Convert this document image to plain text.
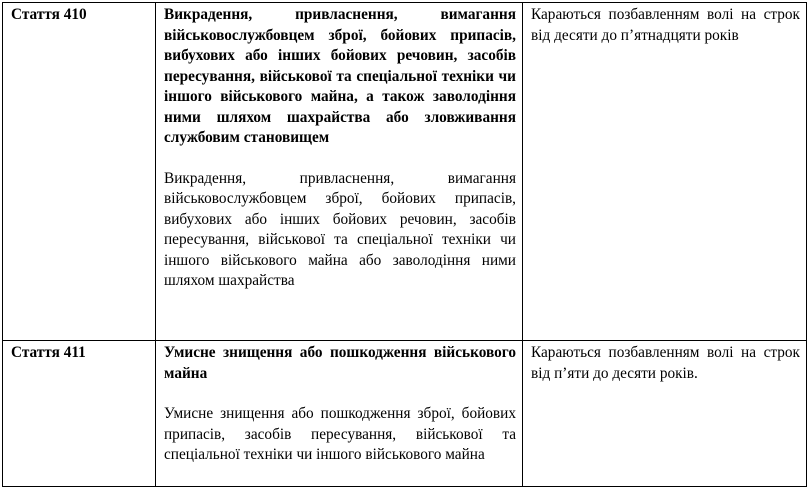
Стаття 410	Викрадення, привласнення, вимагання військовослужбовцем зброї, бойових припасів, вибухових або інших бойових речовин, засобів пересування, військової та спеціальної техніки чи іншого військового майна, а також заволодіння ними шляхом шахрайства або зловживання службовим становищем

Викрадення, привласнення, вимагання військовослужбовцем зброї, бойових припасів, вибухових або інших бойових речовин, засобів пересування, військової та спеціальної техніки чи іншого військового майна або заволодіння ними шляхом шахрайства	Караються позбавленням волі на строк від десяти до п’ятнадцяти років

Стаття 411	Умисне знищення або пошкодження військового майна

Умисне знищення або пошкодження зброї, бойових припасів, засобів пересування, військової та спеціальної техніки чи іншого військового майна	Караються позбавленням волі на строк від п’яти до десяти років.
